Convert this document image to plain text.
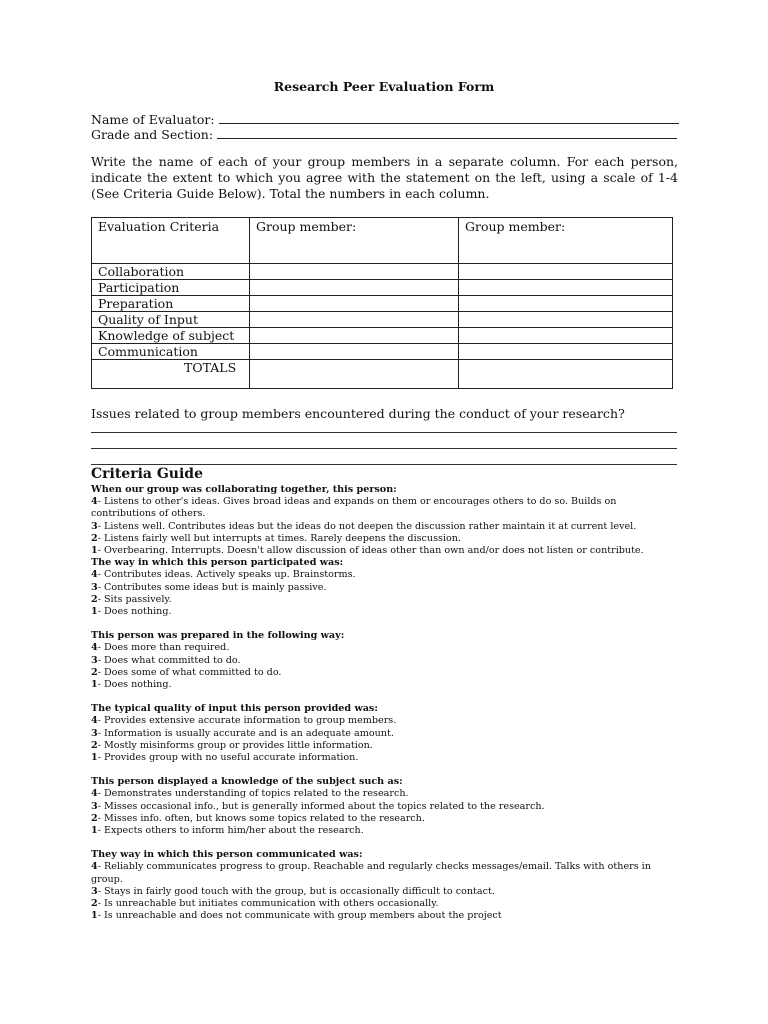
Research Peer Evaluation Form
Name of Evaluator:
Grade and Section:
Write the name of each of your group members in a separate column. For each person, indicate the extent to which you agree with the statement on the left, using a scale of 1-4 (See Criteria Guide Below). Total the numbers in each column.
Evaluation Criteria	Group member:	Group member:
Collaboration		
Participation		
Preparation		
Quality of Input		
Knowledge of subject		
Communication		
TOTALS		
Issues related to group members encountered during the conduct of your research?
Criteria Guide
When our group was collaborating together, this person:
4- Listens to other's ideas. Gives broad ideas and expands on them or encourages others to do so. Builds on contributions of others.
3- Listens well. Contributes ideas but the ideas do not deepen the discussion rather maintain it at current level.
2- Listens fairly well but interrupts at times. Rarely deepens the discussion.
1- Overbearing. Interrupts. Doesn't allow discussion of ideas other than own and/or does not listen or contribute.
The way in which this person participated was:
4- Contributes ideas. Actively speaks up. Brainstorms.
3- Contributes some ideas but is mainly passive.
2- Sits passively.
1- Does nothing.
This person was prepared in the following way:
4- Does more than required.
3- Does what committed to do.
2- Does some of what committed to do.
1- Does nothing.
The typical quality of input this person provided was:
4- Provides extensive accurate information to group members.
3- Information is usually accurate and is an adequate amount.
2- Mostly misinforms group or provides little information.
1- Provides group with no useful accurate information.
This person displayed a knowledge of the subject such as:
4- Demonstrates understanding of topics related to the research.
3- Misses occasional info., but is generally informed about the topics related to the research.
2- Misses info. often, but knows some topics related to the research.
1- Expects others to inform him/her about the research.
They way in which this person communicated was:
4- Reliably communicates progress to group. Reachable and regularly checks messages/email. Talks with others in group.
3- Stays in fairly good touch with the group, but is occasionally difficult to contact.
2- Is unreachable but initiates communication with others occasionally.
1- Is unreachable and does not communicate with group members about the project
